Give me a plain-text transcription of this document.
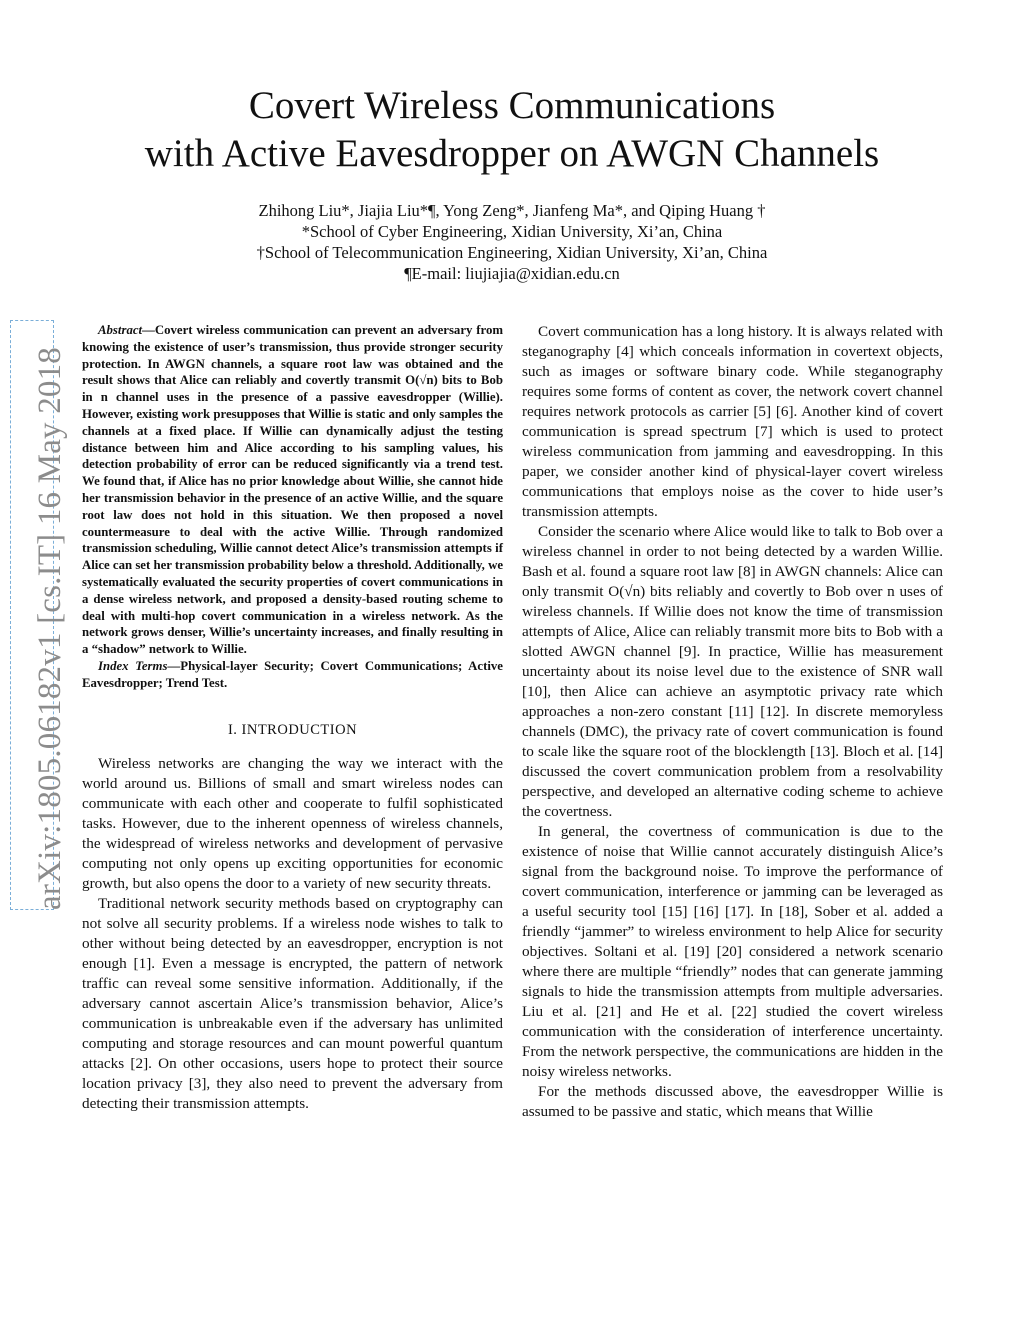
arXiv:1805.06182v1 [cs.IT] 16 May 2018
Covert Wireless Communications
with Active Eavesdropper on AWGN Channels
Zhihong Liu*, Jiajia Liu*¶, Yong Zeng*, Jianfeng Ma*, and Qiping Huang †
*School of Cyber Engineering, Xidian University, Xi’an, China
†School of Telecommunication Engineering, Xidian University, Xi’an, China
¶E-mail: liujiajia@xidian.edu.cn

Abstract—Covert wireless communication can prevent an adversary from knowing the existence of user’s transmission, thus provide stronger security protection. In AWGN channels, a square root law was obtained and the result shows that Alice can reliably and covertly transmit O(√n) bits to Bob in n channel uses in the presence of a passive eavesdropper (Willie). However, existing work presupposes that Willie is static and only samples the channels at a fixed place. If Willie can dynamically adjust the testing distance between him and Alice according to his sampling values, his detection probability of error can be reduced significantly via a trend test. We found that, if Alice has no prior knowledge about Willie, she cannot hide her transmission behavior in the presence of an active Willie, and the square root law does not hold in this situation. We then proposed a novel countermeasure to deal with the active Willie. Through randomized transmission scheduling, Willie cannot detect Alice’s transmission attempts if Alice can set her transmission probability below a threshold. Additionally, we systematically evaluated the security properties of covert communications in a dense wireless network, and proposed a density-based routing scheme to deal with multi-hop covert communication in a wireless network. As the network grows denser, Willie’s uncertainty increases, and finally resulting in a “shadow” network to Willie.

Index Terms—Physical-layer Security; Covert Communications; Active Eavesdropper; Trend Test.

I. INTRODUCTION

Wireless networks are changing the way we interact with the world around us. Billions of small and smart wireless nodes can communicate with each other and cooperate to fulfil sophisticated tasks. However, due to the inherent openness of wireless channels, the widespread of wireless networks and development of pervasive computing not only opens up exciting opportunities for economic growth, but also opens the door to a variety of new security threats.

Traditional network security methods based on cryptography can not solve all security problems. If a wireless node wishes to talk to other without being detected by an eavesdropper, encryption is not enough [1]. Even a message is encrypted, the pattern of network traffic can reveal some sensitive information. Additionally, if the adversary cannot ascertain Alice’s transmission behavior, Alice’s communication is unbreakable even if the adversary has unlimited computing and storage resources and can mount powerful quantum attacks [2]. On other occasions, users hope to protect their source location privacy [3], they also need to prevent the adversary from detecting their transmission attempts.

Covert communication has a long history. It is always related with steganography [4] which conceals information in covertext objects, such as images or software binary code. While steganography requires some forms of content as cover, the network covert channel requires network protocols as carrier [5] [6]. Another kind of covert communication is spread spectrum [7] which is used to protect wireless communication from jamming and eavesdropping. In this paper, we consider another kind of physical-layer covert wireless communications that employs noise as the cover to hide user’s transmission attempts.

Consider the scenario where Alice would like to talk to Bob over a wireless channel in order to not being detected by a warden Willie. Bash et al. found a square root law [8] in AWGN channels: Alice can only transmit O(√n) bits reliably and covertly to Bob over n uses of wireless channels. If Willie does not know the time of transmission attempts of Alice, Alice can reliably transmit more bits to Bob with a slotted AWGN channel [9]. In practice, Willie has measurement uncertainty about its noise level due to the existence of SNR wall [10], then Alice can achieve an asymptotic privacy rate which approaches a non-zero constant [11] [12]. In discrete memoryless channels (DMC), the privacy rate of covert communication is found to scale like the square root of the blocklength [13]. Bloch et al. [14] discussed the covert communication problem from a resolvability perspective, and developed an alternative coding scheme to achieve the covertness.

In general, the covertness of communication is due to the existence of noise that Willie cannot accurately distinguish Alice’s signal from the background noise. To improve the performance of covert communication, interference or jamming can be leveraged as a useful security tool [15] [16] [17]. In [18], Sober et al. added a friendly “jammer” to wireless environment to help Alice for security objectives. Soltani et al. [19] [20] considered a network scenario where there are multiple “friendly” nodes that can generate jamming signals to hide the transmission attempts from multiple adversaries. Liu et al. [21] and He et al. [22] studied the covert wireless communication with the consideration of interference uncertainty. From the network perspective, the communications are hidden in the noisy wireless networks.

For the methods discussed above, the eavesdropper Willie is assumed to be passive and static, which means that Willie
